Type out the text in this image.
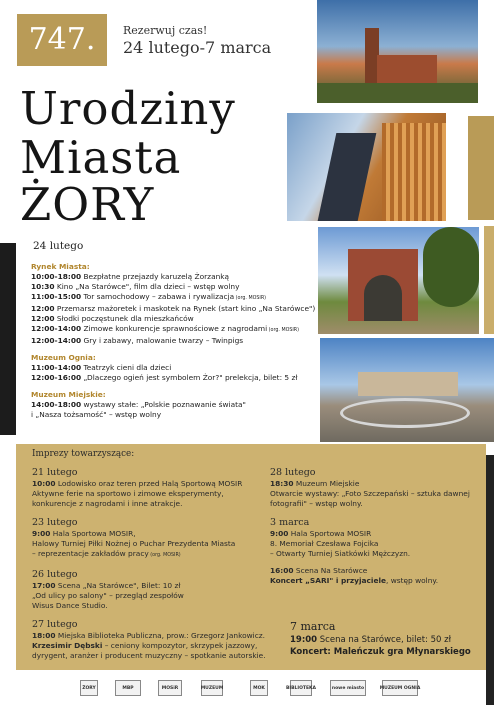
747.	Rezerwuj czas!
24 lutego-7 marca
Urodziny
Miasta
ŻORY
24 lutego
Rynek Miasta:
10:00-18:00 Bezpłatne przejazdy karuzelą Żorzanką
10:30 Kino „Na Starówce", film dla dzieci – wstęp wolny
11:00-15:00 Tor samochodowy – zabawa i rywalizacja (org. MOSIR)
12:00 Przemarsz mażoretek i maskotek na Rynek (start kino „Na Starówce")
12:00 Słodki poczęstunek dla mieszkańców
12:00-14:00 Zimowe konkurencje sprawnościowe z nagrodami (org. MOSIR)
12:00-14:00 Gry i zabawy, malowanie twarzy – Twinpigs
Muzeum Ognia:
11:00-14:00 Teatrzyk cieni dla dzieci
12:00-16:00 „Dlaczego ogień jest symbolem Żor?" prelekcja, bilet: 5 zł
Muzeum Miejskie:
14:00-18:00 wystawy stałe: „Polskie poznawanie świata"
i „Nasza tożsamość" – wstęp wolny
Imprezy towarzyszące:
21 lutego
10:00 Lodowisko oraz teren przed Halą Sportową MOSIR
Aktywne ferie na sportowo i zimowe eksperymenty,
konkurencje z nagrodami i inne atrakcje.
23 lutego
9:00 Hala Sportowa MOSIR,
Halowy Turniej Piłki Nożnej o Puchar Prezydenta Miasta
– reprezentacje zakładów pracy (org. MOSIR)
26 lutego
17:00 Scena „Na Starówce", Bilet: 10 zł
„Od ulicy po salony" – przegląd zespołów
Wisus Dance Studio.
27 lutego
18:00 Miejska Biblioteka Publiczna, prow.: Grzegorz Jankowicz.
Krzesimir Dębski – ceniony kompozytor, skrzypek jazzowy,
dyrygent, aranżer i producent muzyczny – spotkanie autorskie.
28 lutego
18:30 Muzeum Miejskie
Otwarcie wystawy: „Foto Szczepański – sztuka dawnej
fotografii" – wstęp wolny.
3 marca
9:00 Hala Sportowa MOSIR
8. Memoriał Czesława Fojcika
– Otwarty Turniej Siatkówki Mężczyzn.
16:00 Scena Na Starówce
Koncert „SARI" i przyjaciele, wstęp wolny.
7 marca
19:00 Scena na Starówce, bilet: 50 zł
Koncert: Maleńczuk gra Młynarskiego
ŻORY	MBP	MOSiR	MUZEUM	MOK	BIBLIOTEKA	nowe miasto	MUZEUM OGNIA
